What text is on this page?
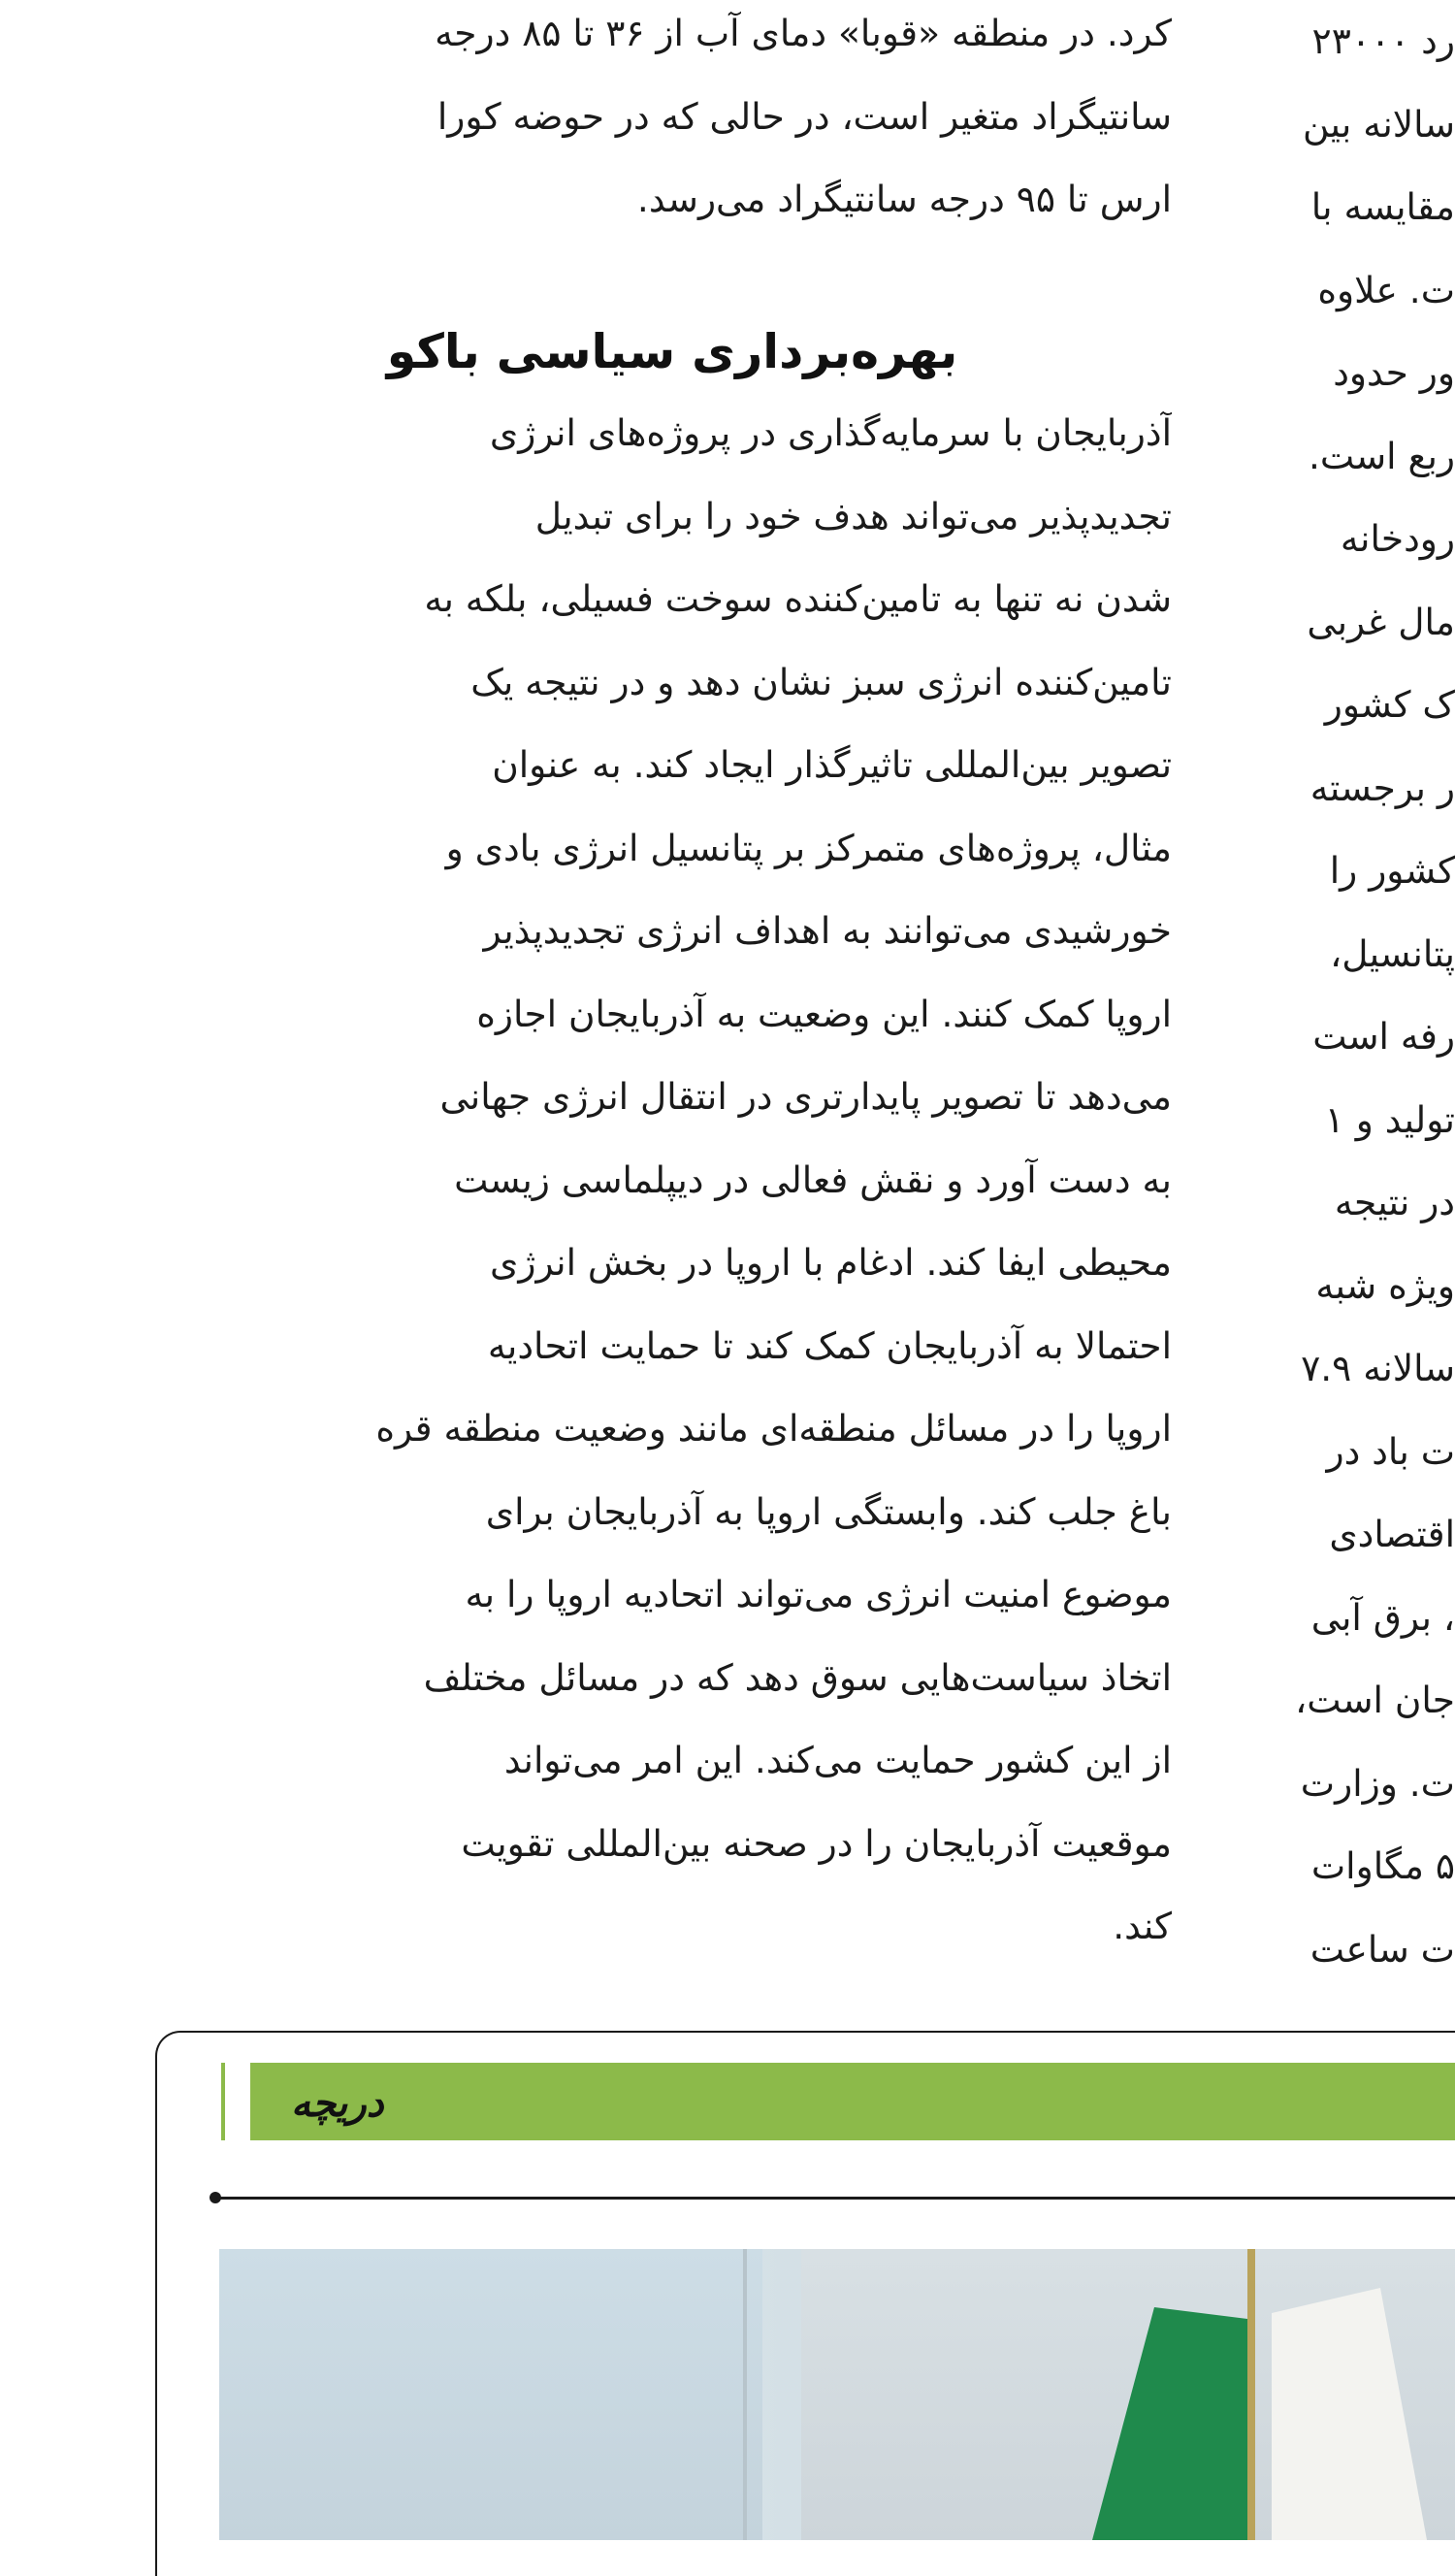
کرد. در منطقه «قوبا» دمای آب از ۳۶ تا ۸۵ درجه
سانتیگراد متغیر است، در حالی که در حوضه کورا
ارس تا ۹۵ درجه سانتیگراد می‌رسد.
بهره‌برداری سیاسی باکو
آذربایجان با سرمایه‌گذاری در پروژه‌های انرژی
تجدیدپذیر می‌تواند هدف خود را برای تبدیل
شدن نه تنها به تامین‌کننده سوخت فسیلی، بلکه به
تامین‌کننده انرژی سبز نشان دهد و در نتیجه یک
تصویر بین‌المللی تاثیرگذار ایجاد کند. به عنوان
مثال، پروژه‌های متمرکز بر پتانسیل انرژی بادی و
خورشیدی می‌توانند به اهداف انرژی تجدیدپذیر
اروپا کمک کنند. این وضعیت به آذربایجان اجازه
می‌دهد تا تصویر پایدارتری در انتقال انرژی جهانی
به دست آورد و نقش فعالی در دیپلماسی زیست
محیطی ایفا کند. ادغام با اروپا در بخش انرژی
احتمالا به آذربایجان کمک کند تا حمایت اتحادیه
اروپا را در مسائل منطقه‌ای مانند وضعیت منطقه قره
باغ جلب کند. وابستگی اروپا به آذربایجان برای
موضوع امنیت انرژی می‌تواند اتحادیه اروپا را به
اتخاذ سیاست‌هایی سوق دهد که در مسائل مختلف
از این کشور حمایت می‌کند. این امر می‌تواند
موقعیت آذربایجان را در صحنه بین‌المللی تقویت
کند.
رد ۲۳۰۰۰
سالانه بین
مقایسه با
ت. علاوه
ور حدود
ربع است.
رودخانه
مال غربی
ک کشور
ر برجسته
کشور را
پتانسیل،
رفه است
تولید و ۱
در نتیجه
ویژه شبه
سالانه ۷.۹
ت باد در
اقتصادی
، برق آبی
جان است،
ت. وزارت
۵ مگاوات
ت ساعت
دریچه
